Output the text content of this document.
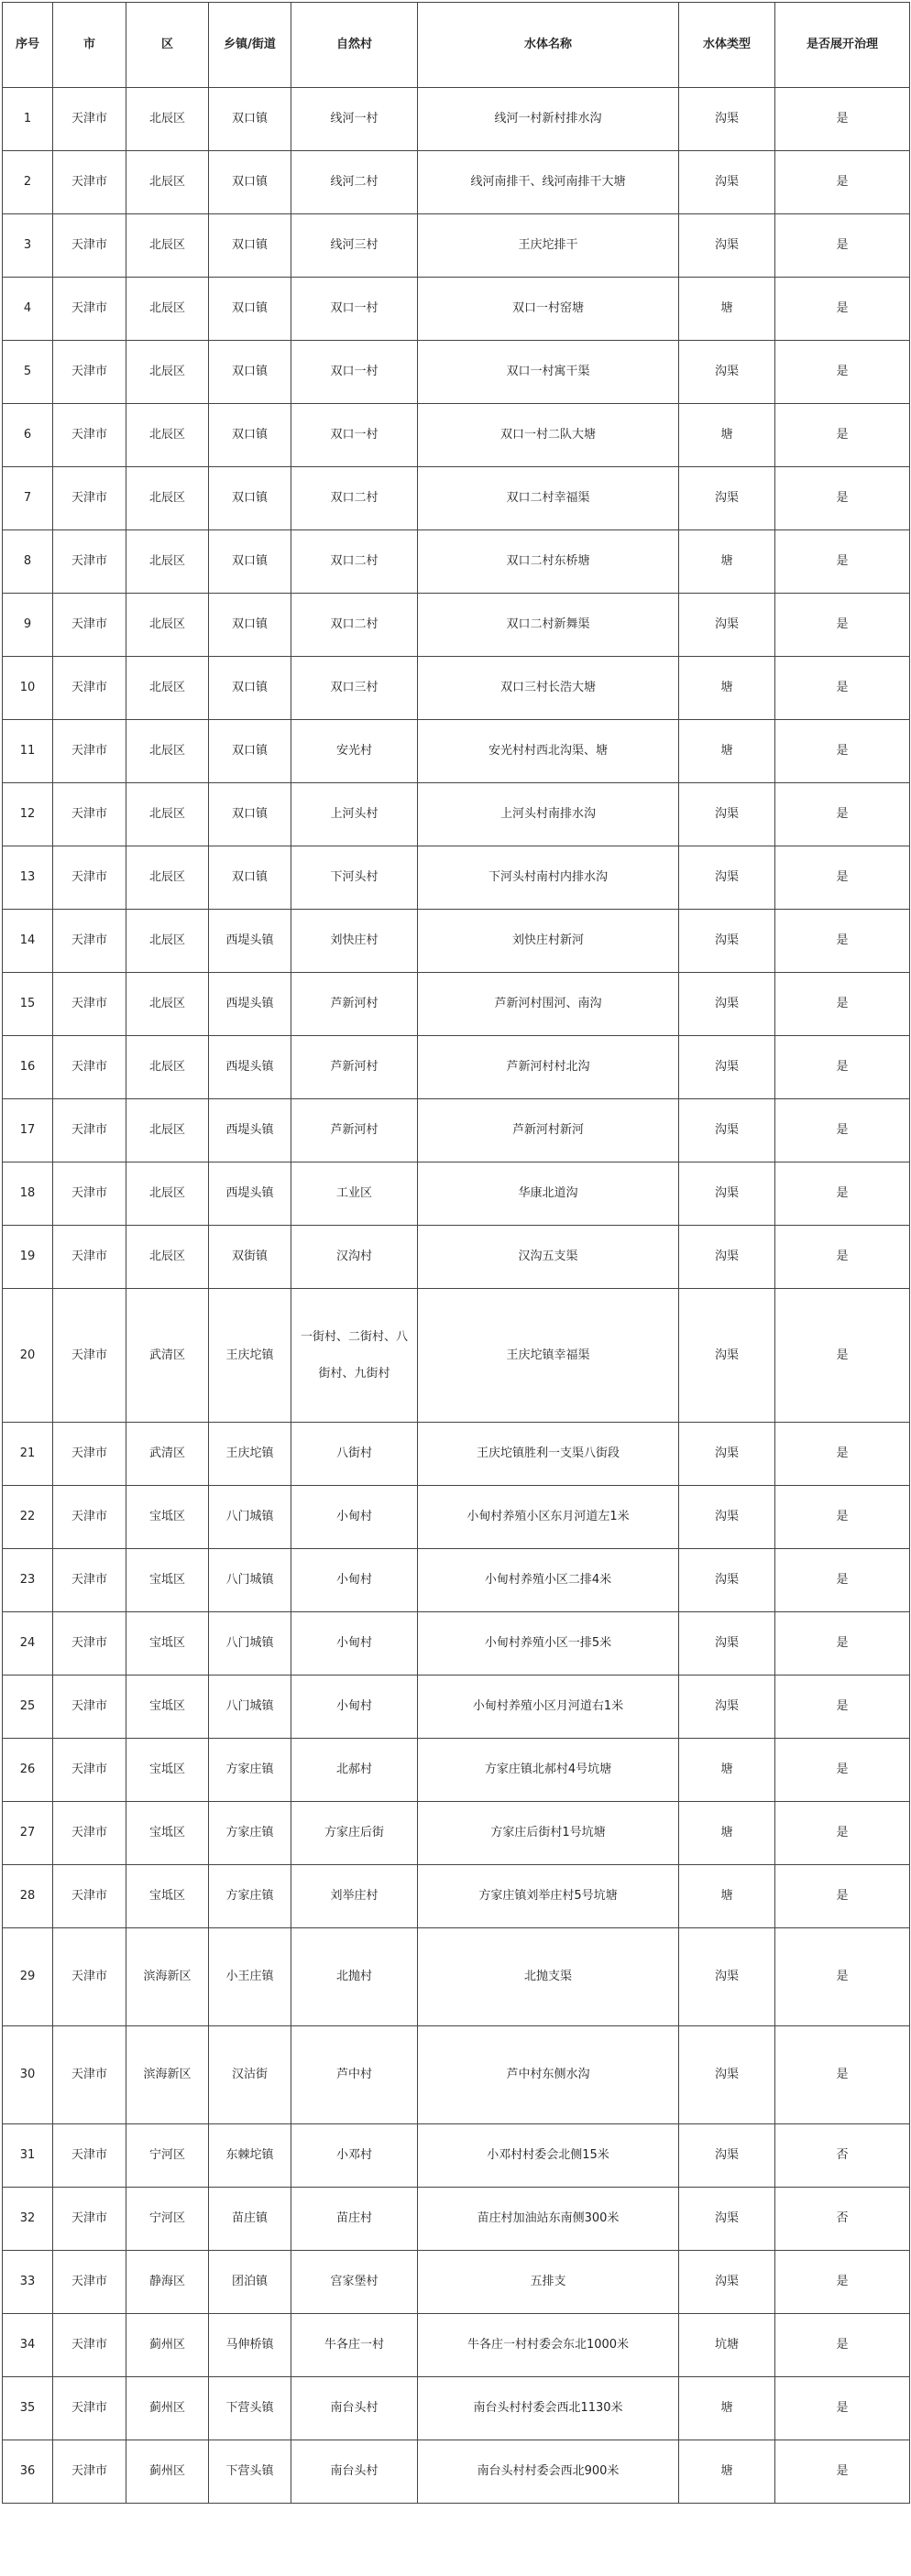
序号	市	区	乡镇/街道	自然村	水体名称	水体类型	是否展开治理
1	天津市	北辰区	双口镇	线河一村	线河一村新村排水沟	沟渠	是
2	天津市	北辰区	双口镇	线河二村	线河南排干、线河南排干大塘	沟渠	是
3	天津市	北辰区	双口镇	线河三村	王庆坨排干	沟渠	是
4	天津市	北辰区	双口镇	双口一村	双口一村窑塘	塘	是
5	天津市	北辰区	双口镇	双口一村	双口一村寓干渠	沟渠	是
6	天津市	北辰区	双口镇	双口一村	双口一村二队大塘	塘	是
7	天津市	北辰区	双口镇	双口二村	双口二村幸福渠	沟渠	是
8	天津市	北辰区	双口镇	双口二村	双口二村东桥塘	塘	是
9	天津市	北辰区	双口镇	双口二村	双口二村新舞渠	沟渠	是
10	天津市	北辰区	双口镇	双口三村	双口三村长浩大塘	塘	是
11	天津市	北辰区	双口镇	安光村	安光村村西北沟渠、塘	塘	是
12	天津市	北辰区	双口镇	上河头村	上河头村南排水沟	沟渠	是
13	天津市	北辰区	双口镇	下河头村	下河头村南村内排水沟	沟渠	是
14	天津市	北辰区	西堤头镇	刘快庄村	刘快庄村新河	沟渠	是
15	天津市	北辰区	西堤头镇	芦新河村	芦新河村围河、南沟	沟渠	是
16	天津市	北辰区	西堤头镇	芦新河村	芦新河村村北沟	沟渠	是
17	天津市	北辰区	西堤头镇	芦新河村	芦新河村新河	沟渠	是
18	天津市	北辰区	西堤头镇	工业区	华康北道沟	沟渠	是
19	天津市	北辰区	双街镇	汉沟村	汉沟五支渠	沟渠	是
20	天津市	武清区	王庆坨镇	一街村、二街村、八街村、九街村	王庆坨镇幸福渠	沟渠	是
21	天津市	武清区	王庆坨镇	八街村	王庆坨镇胜利一支渠八街段	沟渠	是
22	天津市	宝坻区	八门城镇	小甸村	小甸村养殖小区东月河道左1米	沟渠	是
23	天津市	宝坻区	八门城镇	小甸村	小甸村养殖小区二排4米	沟渠	是
24	天津市	宝坻区	八门城镇	小甸村	小甸村养殖小区一排5米	沟渠	是
25	天津市	宝坻区	八门城镇	小甸村	小甸村养殖小区月河道右1米	沟渠	是
26	天津市	宝坻区	方家庄镇	北郝村	方家庄镇北郝村4号坑塘	塘	是
27	天津市	宝坻区	方家庄镇	方家庄后街	方家庄后街村1号坑塘	塘	是
28	天津市	宝坻区	方家庄镇	刘举庄村	方家庄镇刘举庄村5号坑塘	塘	是
29	天津市	滨海新区	小王庄镇	北抛村	北抛支渠	沟渠	是
30	天津市	滨海新区	汉沽街	芦中村	芦中村东侧水沟	沟渠	是
31	天津市	宁河区	东棘坨镇	小邓村	小邓村村委会北侧15米	沟渠	否
32	天津市	宁河区	苗庄镇	苗庄村	苗庄村加油站东南侧300米	沟渠	否
33	天津市	静海区	团泊镇	宫家堡村	五排支	沟渠	是
34	天津市	蓟州区	马伸桥镇	牛各庄一村	牛各庄一村村委会东北1000米	坑塘	是
35	天津市	蓟州区	下营头镇	南台头村	南台头村村委会西北1130米	塘	是
36	天津市	蓟州区	下营头镇	南台头村	南台头村村委会西北900米	塘	是
